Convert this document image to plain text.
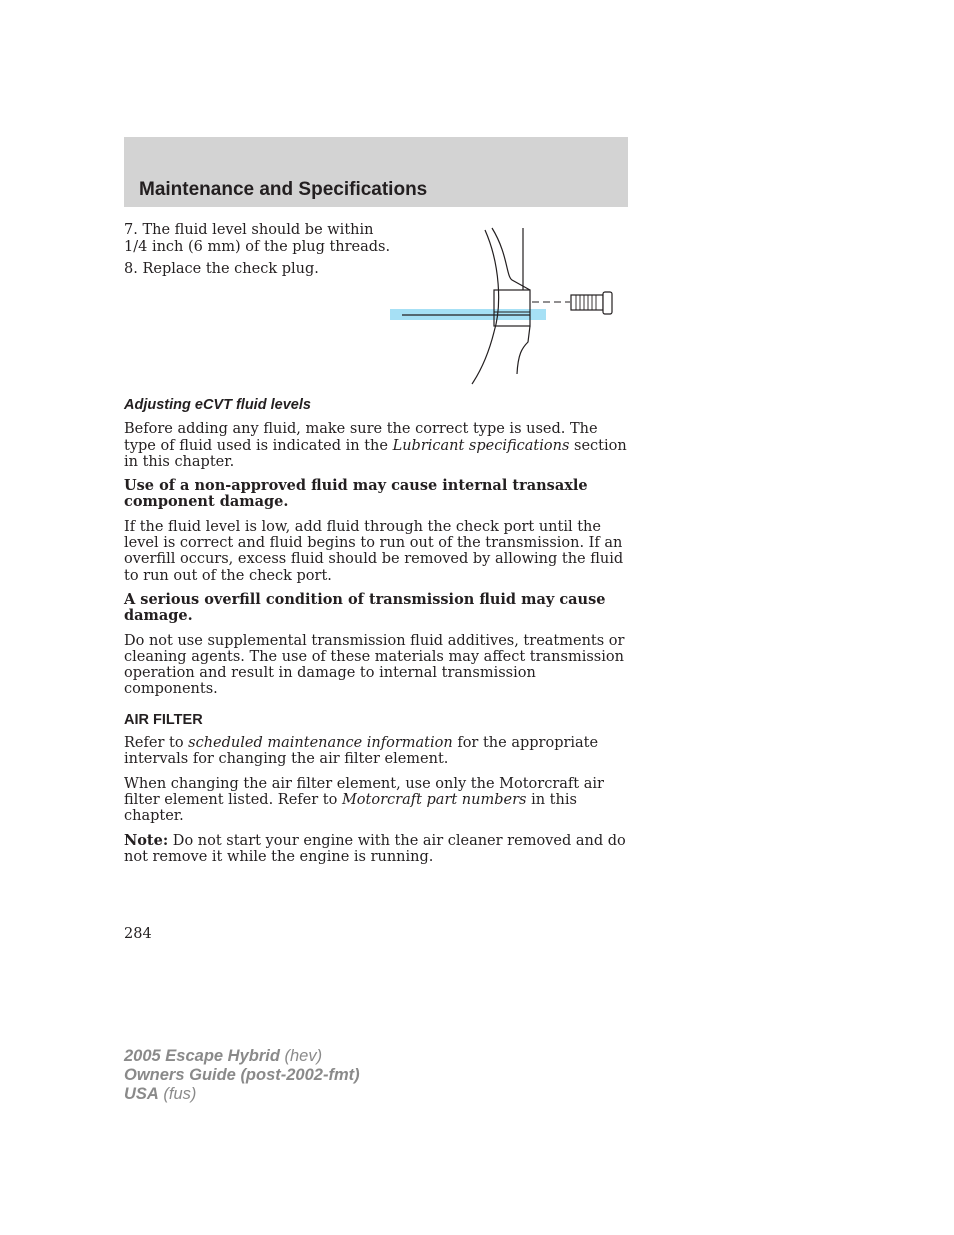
Maintenance and Specifications

7. The fluid level should be within 1/4 inch (6 mm) of the plug threads.

8. Replace the check plug.

Adjusting eCVT fluid levels

Before adding any fluid, make sure the correct type is used. The type of fluid used is indicated in the Lubricant specifications section in this chapter.

Use of a non-approved fluid may cause internal transaxle component damage.

If the fluid level is low, add fluid through the check port until the level is correct and fluid begins to run out of the transmission. If an overfill occurs, excess fluid should be removed by allowing the fluid to run out of the check port.

A serious overfill condition of transmission fluid may cause damage.

Do not use supplemental transmission fluid additives, treatments or cleaning agents. The use of these materials may affect transmission operation and result in damage to internal transmission components.

AIR FILTER

Refer to scheduled maintenance information for the appropriate intervals for changing the air filter element.

When changing the air filter element, use only the Motorcraft air filter element listed. Refer to Motorcraft part numbers in this chapter.

Note: Do not start your engine with the air cleaner removed and do not remove it while the engine is running.

284

2005 Escape Hybrid (hev)
Owners Guide (post-2002-fmt)
USA (fus)
